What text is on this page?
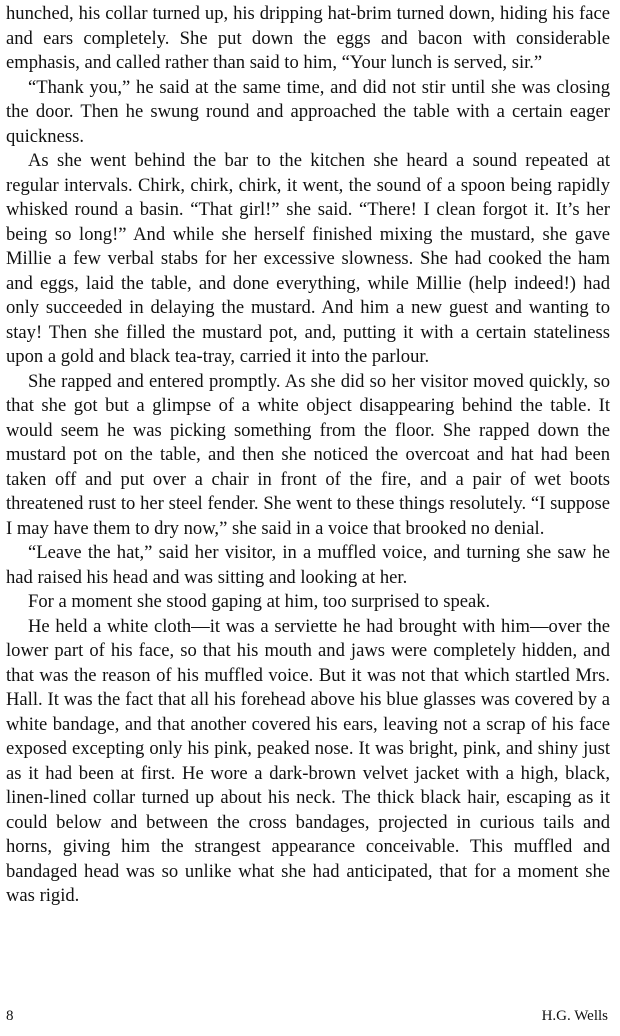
hunched, his collar turned up, his dripping hat-brim turned down, hiding his face and ears completely. She put down the eggs and bacon with considerable emphasis, and called rather than said to him, “Your lunch is served, sir.”

“Thank you,” he said at the same time, and did not stir until she was closing the door. Then he swung round and approached the table with a certain eager quickness.

As she went behind the bar to the kitchen she heard a sound repeated at regular intervals. Chirk, chirk, chirk, it went, the sound of a spoon being rapidly whisked round a basin. “That girl!” she said. “There! I clean forgot it. It’s her being so long!” And while she herself finished mixing the mustard, she gave Millie a few verbal stabs for her excessive slowness. She had cooked the ham and eggs, laid the table, and done everything, while Millie (help indeed!) had only succeeded in delaying the mustard. And him a new guest and wanting to stay! Then she filled the mustard pot, and, putting it with a certain stateliness upon a gold and black tea-tray, carried it into the parlour.

She rapped and entered promptly. As she did so her visitor moved quickly, so that she got but a glimpse of a white object disappearing behind the table. It would seem he was picking something from the floor. She rapped down the mustard pot on the table, and then she noticed the overcoat and hat had been taken off and put over a chair in front of the fire, and a pair of wet boots threatened rust to her steel fender. She went to these things resolutely. “I suppose I may have them to dry now,” she said in a voice that brooked no denial.

“Leave the hat,” said her visitor, in a muffled voice, and turning she saw he had raised his head and was sitting and looking at her.

For a moment she stood gaping at him, too surprised to speak.

He held a white cloth—it was a serviette he had brought with him—over the lower part of his face, so that his mouth and jaws were completely hidden, and that was the reason of his muffled voice. But it was not that which startled Mrs. Hall. It was the fact that all his forehead above his blue glasses was covered by a white bandage, and that another covered his ears, leaving not a scrap of his face exposed excepting only his pink, peaked nose. It was bright, pink, and shiny just as it had been at first. He wore a dark-brown velvet jacket with a high, black, linen-lined collar turned up about his neck. The thick black hair, escaping as it could below and between the cross bandages, projected in curious tails and horns, giving him the strangest appearance conceivable. This muffled and bandaged head was so unlike what she had anticipated, that for a moment she was rigid.

8	H.G. Wells
